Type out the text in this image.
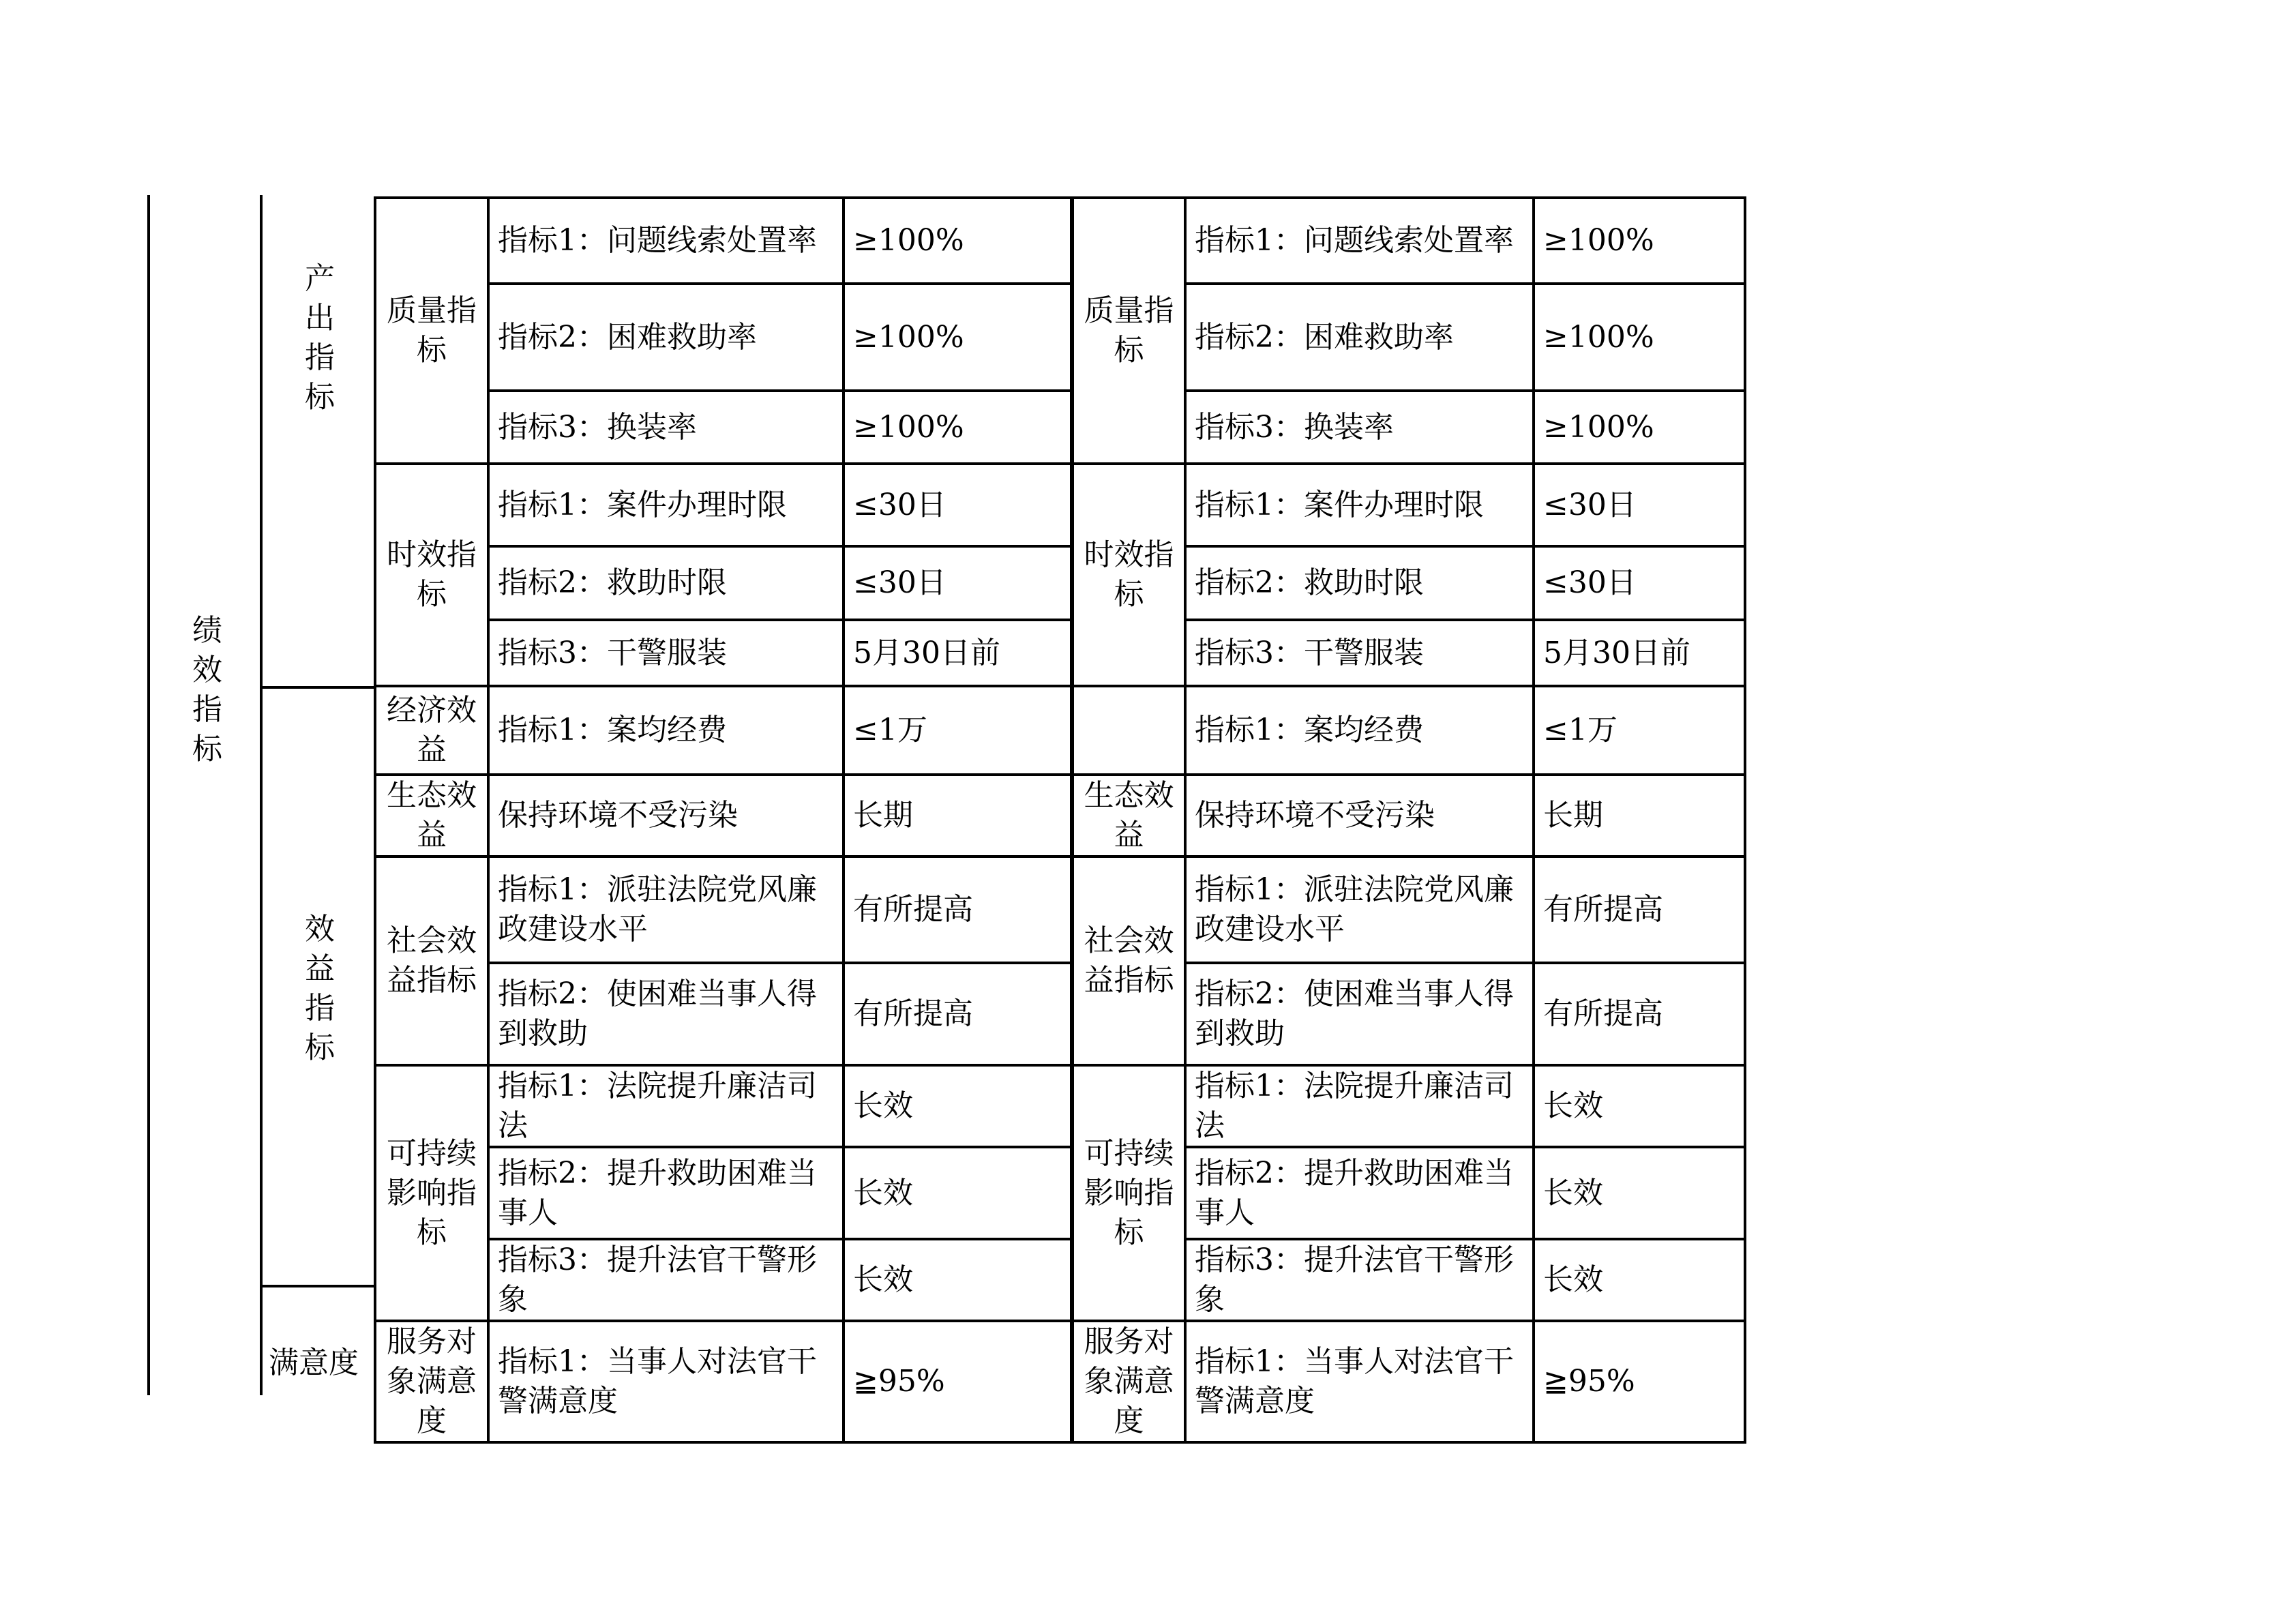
绩效指标
产出指标
效益指标
满意度
质量指标	指标1：问题线索处置率	≥100%	质量指标	指标1：问题线索处置率	≥100%
	指标2：困难救助率	≥100%		指标2：困难救助率	≥100%
	指标3：换装率	≥100%		指标3：换装率	≥100%
时效指标	指标1：案件办理时限	≤30日	时效指标	指标1：案件办理时限	≤30日
	指标2：救助时限	≤30日		指标2：救助时限	≤30日
	指标3：干警服装	5月30日前		指标3：干警服装	5月30日前
经济效益	指标1：案均经费	≤1万		指标1：案均经费	≤1万
生态效益	保持环境不受污染	长期	生态效益	保持环境不受污染	长期
社会效益指标	指标1：派驻法院党风廉政建设水平	有所提高	社会效益指标	指标1：派驻法院党风廉政建设水平	有所提高
	指标2：使困难当事人得到救助	有所提高		指标2：使困难当事人得到救助	有所提高
可持续影响指标	指标1：法院提升廉洁司法	长效	可持续影响指标	指标1：法院提升廉洁司法	长效
	指标2：提升救助困难当事人	长效		指标2：提升救助困难当事人	长效
	指标3：提升法官干警形象	长效		指标3：提升法官干警形象	长效
服务对象满意度	指标1：当事人对法官干警满意度	≧95%	服务对象满意度	指标1：当事人对法官干警满意度	≧95%
